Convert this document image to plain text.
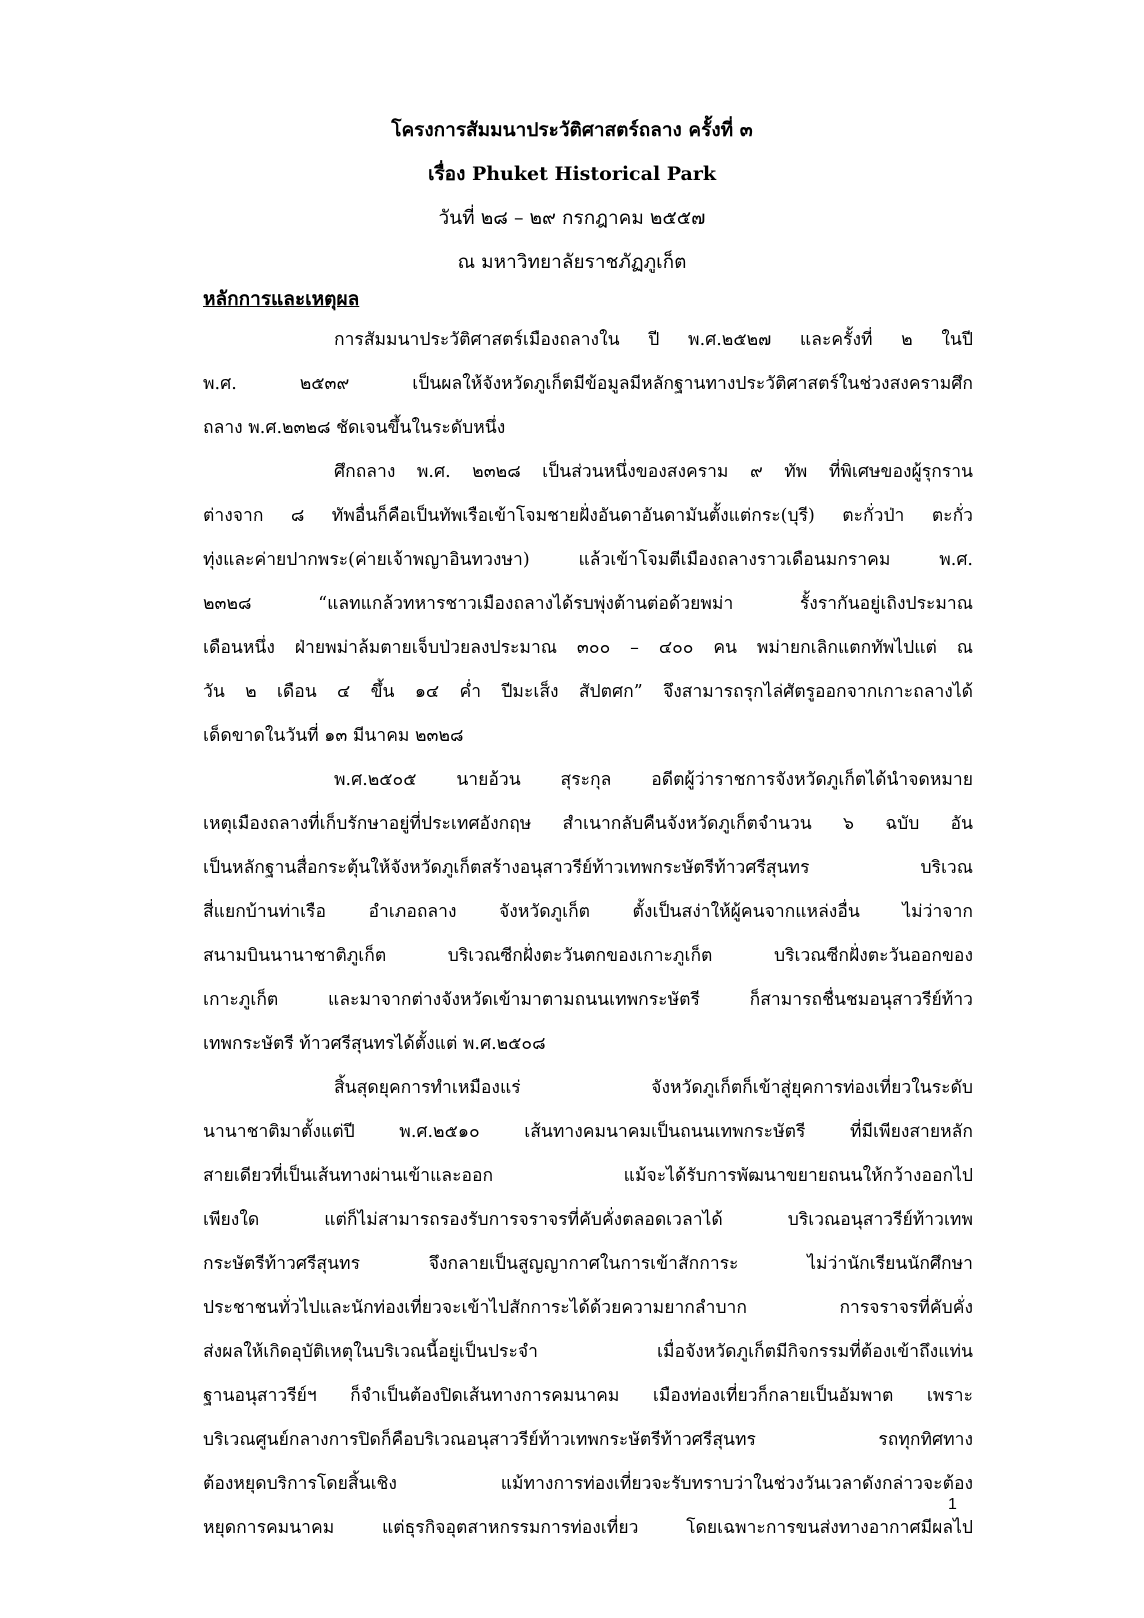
โครงการสัมมนาประวัติศาสตร์ถลาง ครั้งที่ ๓
เรื่อง Phuket Historical Park
วันที่ ๒๘ – ๒๙ กรกฎาคม ๒๕๕๗
ณ มหาวิทยาลัยราชภัฏภูเก็ต
หลักการและเหตุผล
การสัมมนาประวัติศาสตร์เมืองถลางใน ปี พ.ศ.๒๕๒๗ และครั้งที่ ๒ ในปี
พ.ศ. ๒๕๓๙ เป็นผลให้จังหวัดภูเก็ตมีข้อมูลมีหลักฐานทางประวัติศาสตร์ในช่วงสงครามศึก
ถลาง พ.ศ.๒๓๒๘ ชัดเจนขึ้นในระดับหนึ่ง
ศึกถลาง พ.ศ. ๒๓๒๘ เป็นส่วนหนึ่งของสงคราม ๙ ทัพ ที่พิเศษของผู้รุกราน
ต่างจาก ๘ ทัพอื่นก็คือเป็นทัพเรือเข้าโจมชายฝั่งอันดาอันดามันตั้งแต่กระ(บุรี) ตะกั่วป่า ตะกั่ว
ทุ่งและค่ายปากพระ(ค่ายเจ้าพญาอินทวงษา) แล้วเข้าโจมตีเมืองถลางราวเดือนมกราคม พ.ศ.
๒๓๒๘ “แลทแกล้วทหารชาวเมืองถลางได้รบพุ่งต้านต่อด้วยพม่า รั้งรากันอยู่เถิงประมาณ
เดือนหนึ่ง ฝ่ายพม่าล้มตายเจ็บป่วยลงประมาณ ๓๐๐ – ๔๐๐ คน พม่ายกเลิกแตกทัพไปแต่ ณ
วัน ๒ เดือน ๔ ขึ้น ๑๔ ค่ำ ปีมะเส็ง สัปตศก” จึงสามารถรุกไล่ศัตรูออกจากเกาะถลางได้
เด็ดขาดในวันที่ ๑๓ มีนาคม ๒๓๒๘
พ.ศ.๒๕๐๕ นายอ้วน สุระกุล อดีตผู้ว่าราชการจังหวัดภูเก็ตได้นำจดหมาย
เหตุเมืองถลางที่เก็บรักษาอยู่ที่ประเทศอังกฤษ สำเนากลับคืนจังหวัดภูเก็ตจำนวน ๖ ฉบับ อัน
เป็นหลักฐานสื่อกระตุ้นให้จังหวัดภูเก็ตสร้างอนุสาวรีย์ท้าวเทพกระษัตรีท้าวศรีสุนทร บริเวณ
สี่แยกบ้านท่าเรือ อำเภอถลาง จังหวัดภูเก็ต ตั้งเป็นสง่าให้ผู้คนจากแหล่งอื่น ไม่ว่าจาก
สนามบินนานาชาติภูเก็ต บริเวณซีกฝั่งตะวันตกของเกาะภูเก็ต บริเวณซีกฝั่งตะวันออกของ
เกาะภูเก็ต และมาจากต่างจังหวัดเข้ามาตามถนนเทพกระษัตรี ก็สามารถชื่นชมอนุสาวรีย์ท้าว
เทพกระษัตรี ท้าวศรีสุนทรได้ตั้งแต่ พ.ศ.๒๕๐๘
สิ้นสุดยุคการทำเหมืองแร่ จังหวัดภูเก็ตก็เข้าสู่ยุคการท่องเที่ยวในระดับ
นานาชาติมาตั้งแต่ปี พ.ศ.๒๕๑๐ เส้นทางคมนาคมเป็นถนนเทพกระษัตรี ที่มีเพียงสายหลัก
สายเดียวที่เป็นเส้นทางผ่านเข้าและออก แม้จะได้รับการพัฒนาขยายถนนให้กว้างออกไป
เพียงใด แต่ก็ไม่สามารถรองรับการจราจรที่คับคั่งตลอดเวลาได้ บริเวณอนุสาวรีย์ท้าวเทพ
กระษัตรีท้าวศรีสุนทร จึงกลายเป็นสูญญากาศในการเข้าสักการะ ไม่ว่านักเรียนนักศึกษา
ประชาชนทั่วไปและนักท่องเที่ยวจะเข้าไปสักการะได้ด้วยความยากลำบาก การจราจรที่คับคั่ง
ส่งผลให้เกิดอุบัติเหตุในบริเวณนี้อยู่เป็นประจำ เมื่อจังหวัดภูเก็ตมีกิจกรรมที่ต้องเข้าถึงแท่น
ฐานอนุสาวรีย์ฯ ก็จำเป็นต้องปิดเส้นทางการคมนาคม เมืองท่องเที่ยวก็กลายเป็นอัมพาต เพราะ
บริเวณศูนย์กลางการปิดก็คือบริเวณอนุสาวรีย์ท้าวเทพกระษัตรีท้าวศรีสุนทร รถทุกทิศทาง
ต้องหยุดบริการโดยสิ้นเชิง แม้ทางการท่องเที่ยวจะรับทราบว่าในช่วงวันเวลาดังกล่าวจะต้อง
หยุดการคมนาคม แต่ธุรกิจอุตสาหกรรมการท่องเที่ยว โดยเฉพาะการขนส่งทางอากาศมีผลไป
1
